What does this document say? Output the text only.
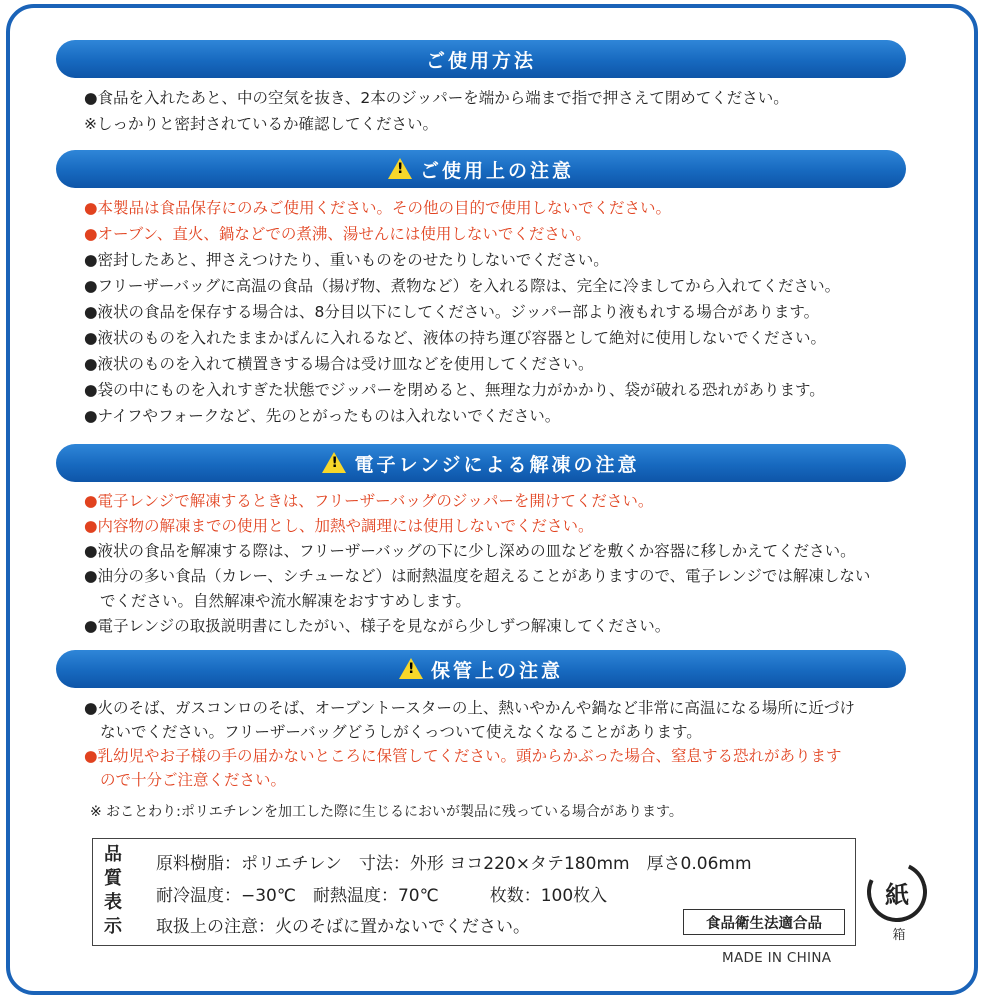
ご使用方法
●食品を入れたあと、中の空気を抜き、2本のジッパーを端から端まで指で押さえて閉めてください。
※しっかりと密封されているか確認してください。
!
ご使用上の注意
●本製品は食品保存にのみご使用ください。その他の目的で使用しないでください。
●オーブン、直火、鍋などでの煮沸、湯せんには使用しないでください。
●密封したあと、押さえつけたり、重いものをのせたりしないでください。
●フリーザーバッグに高温の食品（揚げ物、煮物など）を入れる際は、完全に冷ましてから入れてください。
●液状の食品を保存する場合は、8分目以下にしてください。ジッパー部より液もれする場合があります。
●液状のものを入れたままかばんに入れるなど、液体の持ち運び容器として絶対に使用しないでください。
●液状のものを入れて横置きする場合は受け皿などを使用してください。
●袋の中にものを入れすぎた状態でジッパーを閉めると、無理な力がかかり、袋が破れる恐れがあります。
●ナイフやフォークなど、先のとがったものは入れないでください。
!
電子レンジによる解凍の注意
●電子レンジで解凍するときは、フリーザーバッグのジッパーを開けてください。
●内容物の解凍までの使用とし、加熱や調理には使用しないでください。
●液状の食品を解凍する際は、フリーザーバッグの下に少し深めの皿などを敷くか容器に移しかえてください。
●油分の多い食品（カレー、シチューなど）は耐熱温度を超えることがありますので、電子レンジでは解凍しない
でください。自然解凍や流水解凍をおすすめします。
●電子レンジの取扱説明書にしたがい、様子を見ながら少しずつ解凍してください。
!
保管上の注意
●火のそば、ガスコンロのそば、オーブントースターの上、熱いやかんや鍋など非常に高温になる場所に近づけ
ないでください。フリーザーバッグどうしがくっついて使えなくなることがあります。
●乳幼児やお子様の手の届かないところに保管してください。頭からかぶった場合、窒息する恐れがあります
ので十分ご注意ください。
※ おことわり:ポリエチレンを加工した際に生じるにおいが製品に残っている場合があります。
品
質
表
示
原料樹脂：ポリエチレン　寸法：外形 ヨコ220×タテ180mm　厚さ0.06mm
耐冷温度：−30℃　耐熱温度：70℃　　　枚数：100枚入
取扱上の注意：火のそばに置かないでください。	食品衛生法適合品
紙
箱
MADE IN CHINA
